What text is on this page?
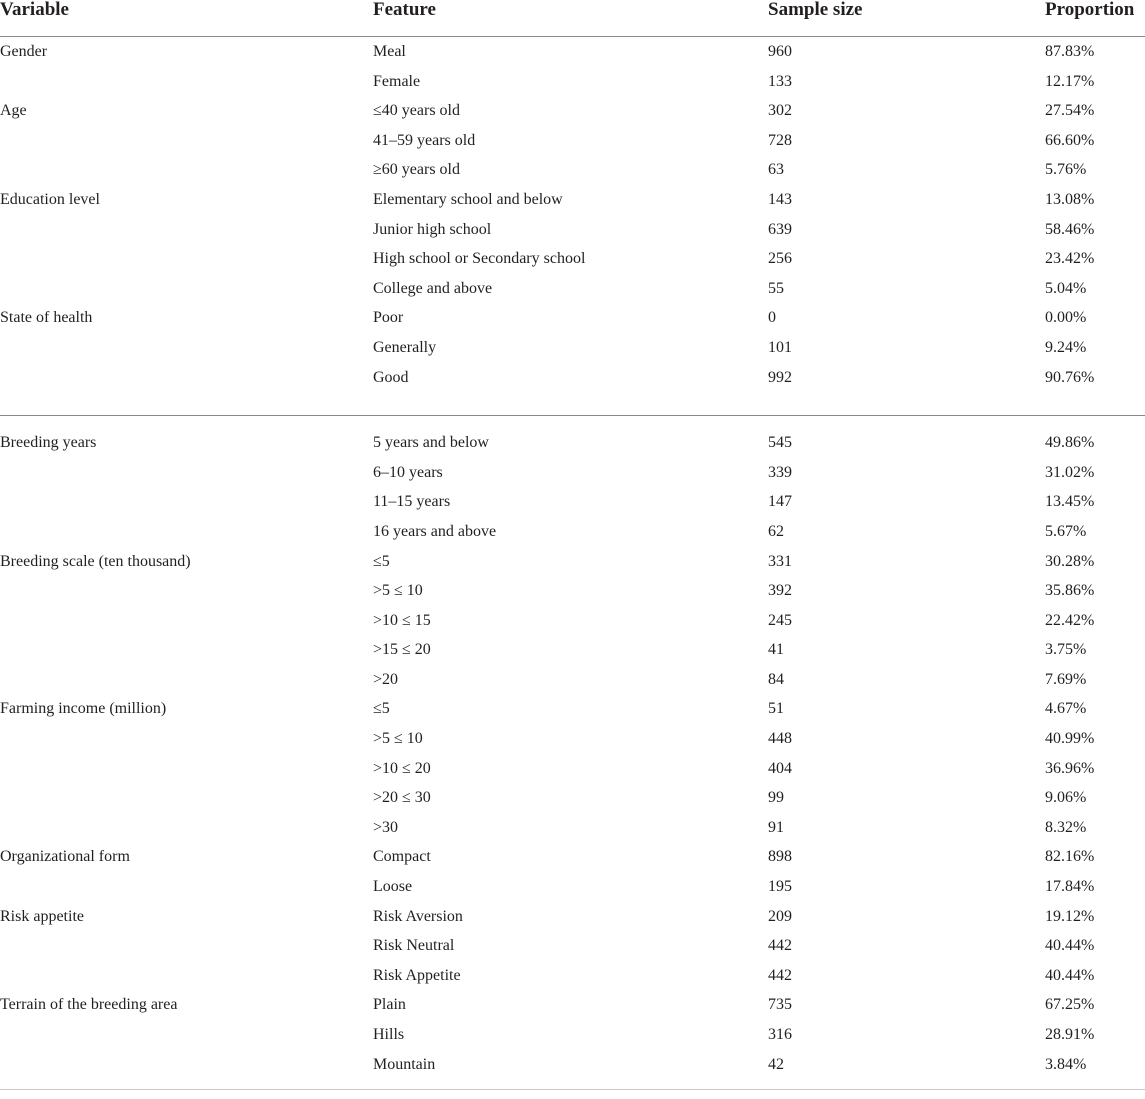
Variable	Feature	Sample size	Proportion

Gender	Meal	960	87.83%
	Female	133	12.17%
Age	≤40 years old	302	27.54%
	41–59 years old	728	66.60%
	≥60 years old	63	5.76%
Education level	Elementary school and below	143	13.08%
	Junior high school	639	58.46%
	High school or Secondary school	256	23.42%
	College and above	55	5.04%
State of health	Poor	0	0.00%
	Generally	101	9.24%
	Good	992	90.76%

Breeding years	5 years and below	545	49.86%
	6–10 years	339	31.02%
	11–15 years	147	13.45%
	16 years and above	62	5.67%
Breeding scale (ten thousand)	≤5	331	30.28%
	>5 ≤ 10	392	35.86%
	>10 ≤ 15	245	22.42%
	>15 ≤ 20	41	3.75%
	>20	84	7.69%
Farming income (million)	≤5	51	4.67%
	>5 ≤ 10	448	40.99%
	>10 ≤ 20	404	36.96%
	>20 ≤ 30	99	9.06%
	>30	91	8.32%
Organizational form	Compact	898	82.16%
	Loose	195	17.84%
Risk appetite	Risk Aversion	209	19.12%
	Risk Neutral	442	40.44%
	Risk Appetite	442	40.44%
Terrain of the breeding area	Plain	735	67.25%
	Hills	316	28.91%
	Mountain	42	3.84%
